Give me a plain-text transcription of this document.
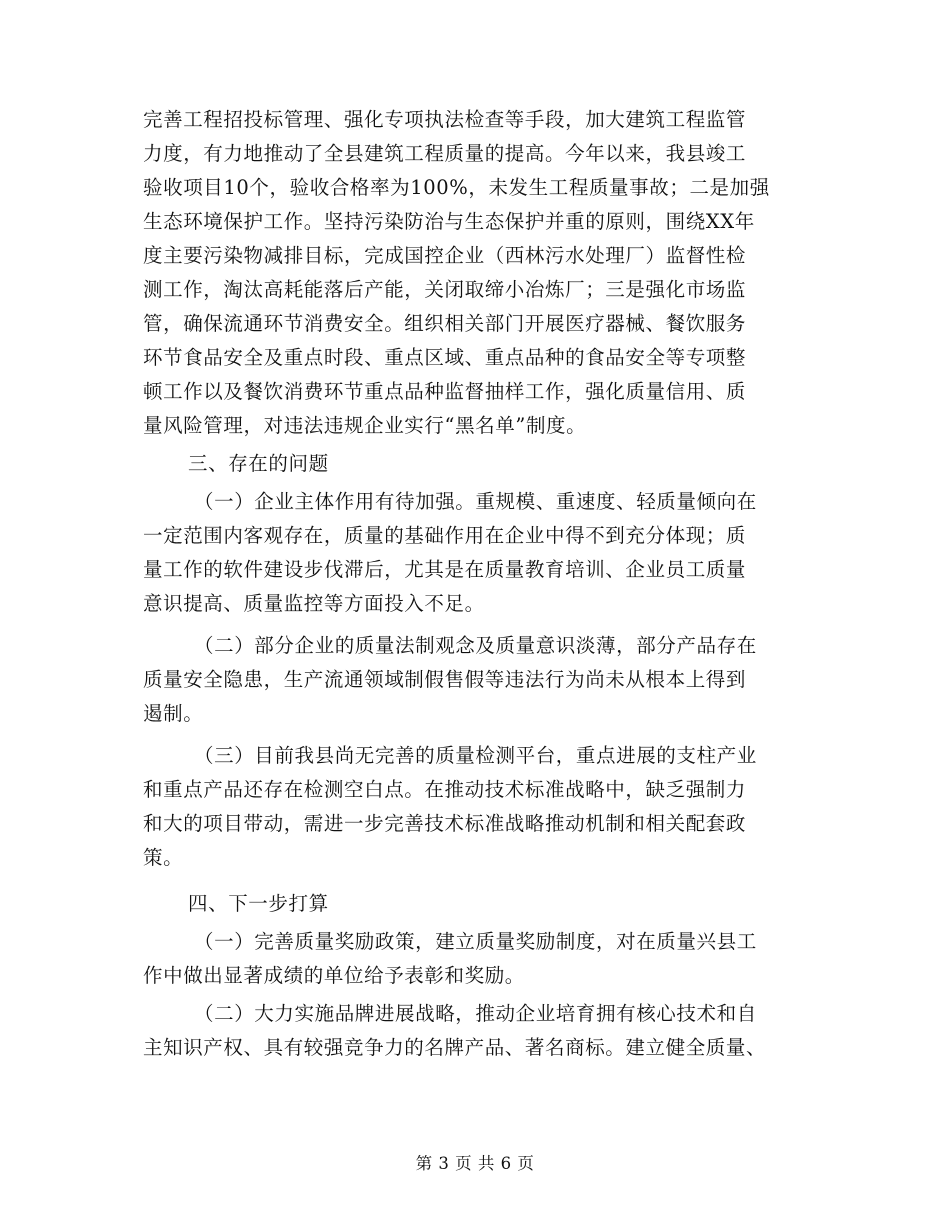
完善工程招投标管理、强化专项执法检查等手段，加大建筑工程监管
力度，有力地推动了全县建筑工程质量的提高。今年以来，我县竣工
验收项目10个，验收合格率为100%，未发生工程质量事故；二是加强
生态环境保护工作。坚持污染防治与生态保护并重的原则，围绕XX年
度主要污染物减排目标，完成国控企业（西林污水处理厂）监督性检
测工作，淘汰高耗能落后产能，关闭取缔小冶炼厂；三是强化市场监
管，确保流通环节消费安全。组织相关部门开展医疗器械、餐饮服务
环节食品安全及重点时段、重点区域、重点品种的食品安全等专项整
顿工作以及餐饮消费环节重点品种监督抽样工作，强化质量信用、质
量风险管理，对违法违规企业实行“黑名单”制度。
三、存在的问题
（一）企业主体作用有待加强。重规模、重速度、轻质量倾向在
一定范围内客观存在，质量的基础作用在企业中得不到充分体现；质
量工作的软件建设步伐滞后，尤其是在质量教育培训、企业员工质量
意识提高、质量监控等方面投入不足。
（二）部分企业的质量法制观念及质量意识淡薄，部分产品存在
质量安全隐患，生产流通领域制假售假等违法行为尚未从根本上得到
遏制。
（三）目前我县尚无完善的质量检测平台，重点进展的支柱产业
和重点产品还存在检测空白点。在推动技术标准战略中，缺乏强制力
和大的项目带动，需进一步完善技术标准战略推动机制和相关配套政
策。
四、下一步打算
（一）完善质量奖励政策，建立质量奖励制度，对在质量兴县工
作中做出显著成绩的单位给予表彰和奖励。
（二）大力实施品牌进展战略，推动企业培育拥有核心技术和自
主知识产权、具有较强竞争力的名牌产品、著名商标。建立健全质量、
第 3 页 共 6 页
